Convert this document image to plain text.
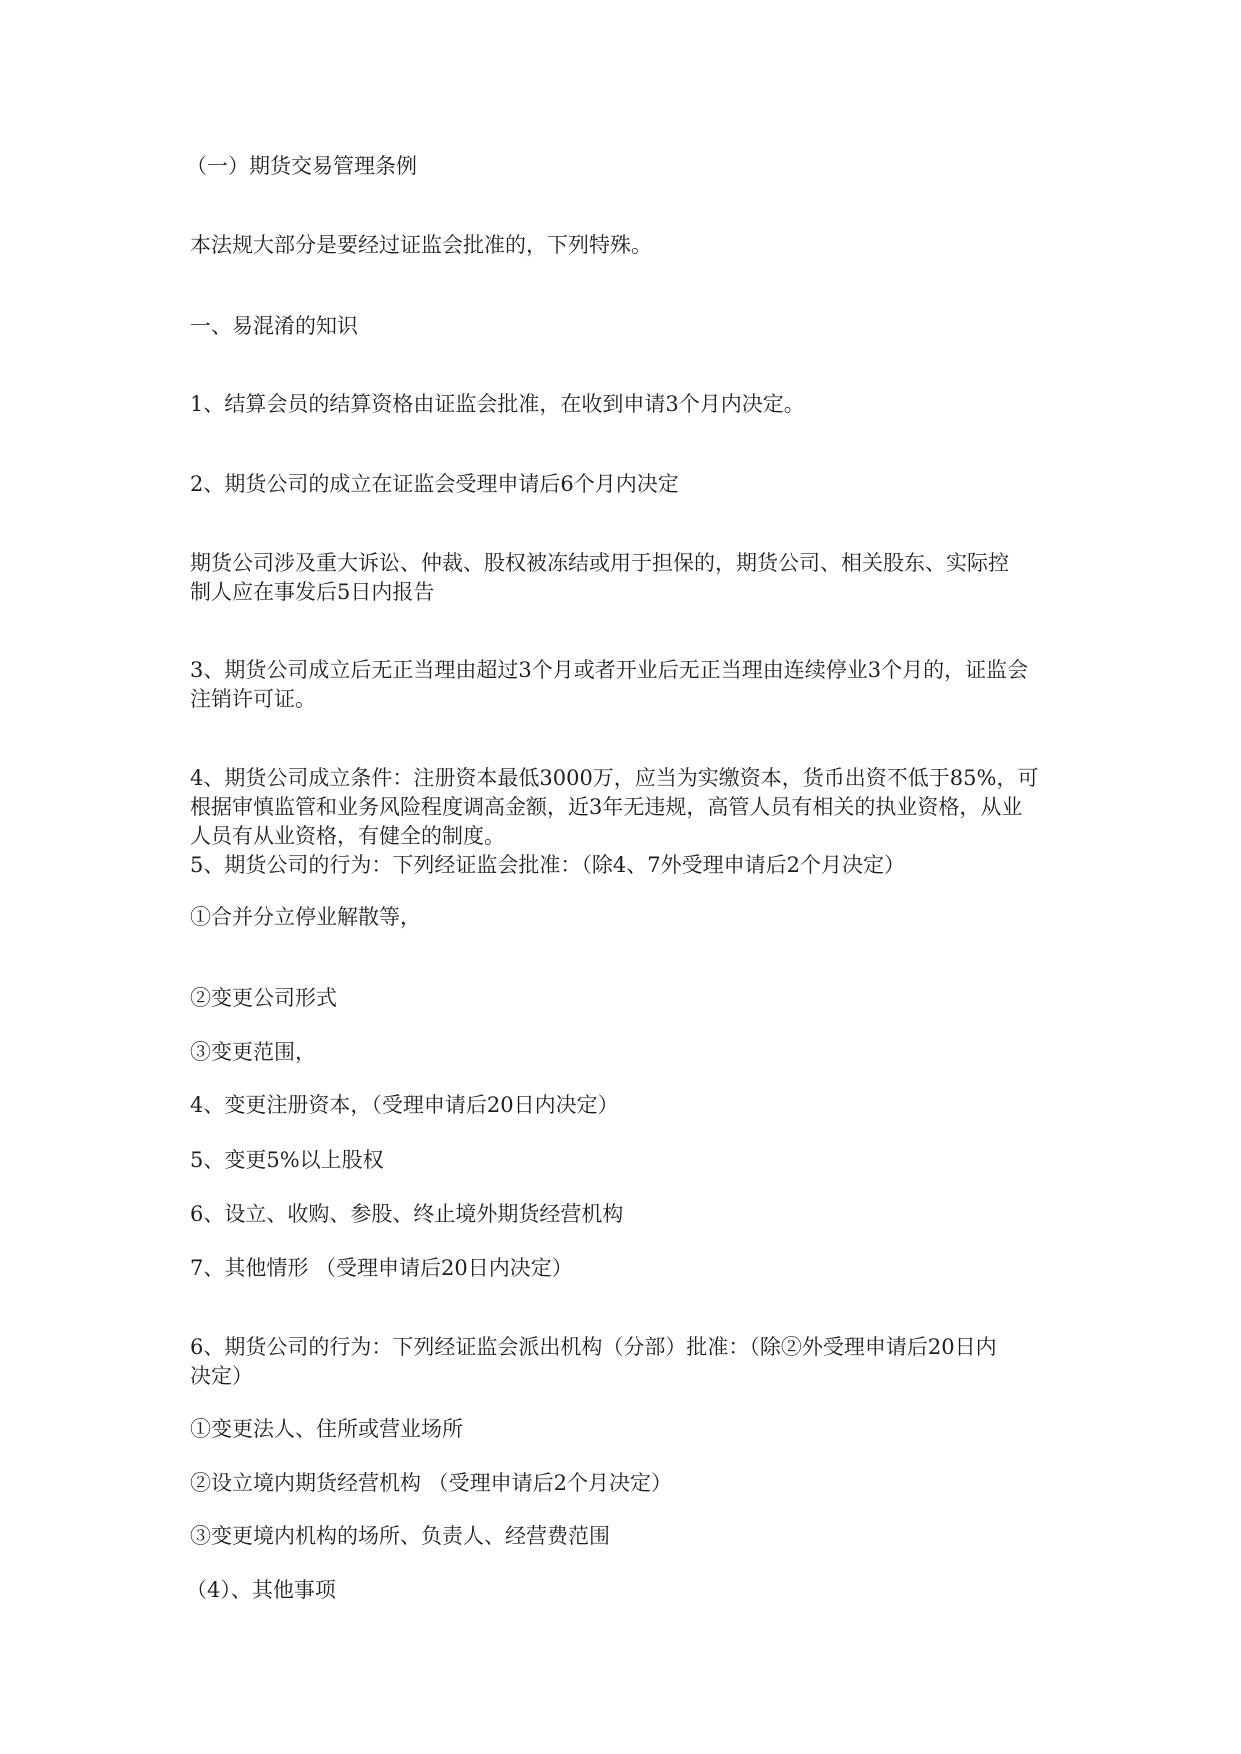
（一）期货交易管理条例
本法规大部分是要经过证监会批准的，下列特殊。
一、易混淆的知识
1、结算会员的结算资格由证监会批准，在收到申请3个月内决定。
2、期货公司的成立在证监会受理申请后6个月内决定
期货公司涉及重大诉讼、仲裁、股权被冻结或用于担保的，期货公司、相关股东、实际控
制人应在事发后5日内报告
3、期货公司成立后无正当理由超过3个月或者开业后无正当理由连续停业3个月的，证监会
注销许可证。
4、期货公司成立条件：注册资本最低3000万，应当为实缴资本，货币出资不低于85%，可
根据审慎监管和业务风险程度调高金额，近3年无违规，高管人员有相关的执业资格，从业
人员有从业资格，有健全的制度。
5、期货公司的行为：下列经证监会批准：（除4、7外受理申请后2个月决定）
①合并分立停业解散等，
②变更公司形式
③变更范围，
4、变更注册资本，（受理申请后20日内决定）
5、变更5%以上股权
6、设立、收购、参股、终止境外期货经营机构
7、其他情形 （受理申请后20日内决定）
6、期货公司的行为：下列经证监会派出机构（分部）批准：（除②外受理申请后20日内
决定）
①变更法人、住所或营业场所
②设立境内期货经营机构 （受理申请后2个月决定）
③变更境内机构的场所、负责人、经营费范围
（4）、其他事项
